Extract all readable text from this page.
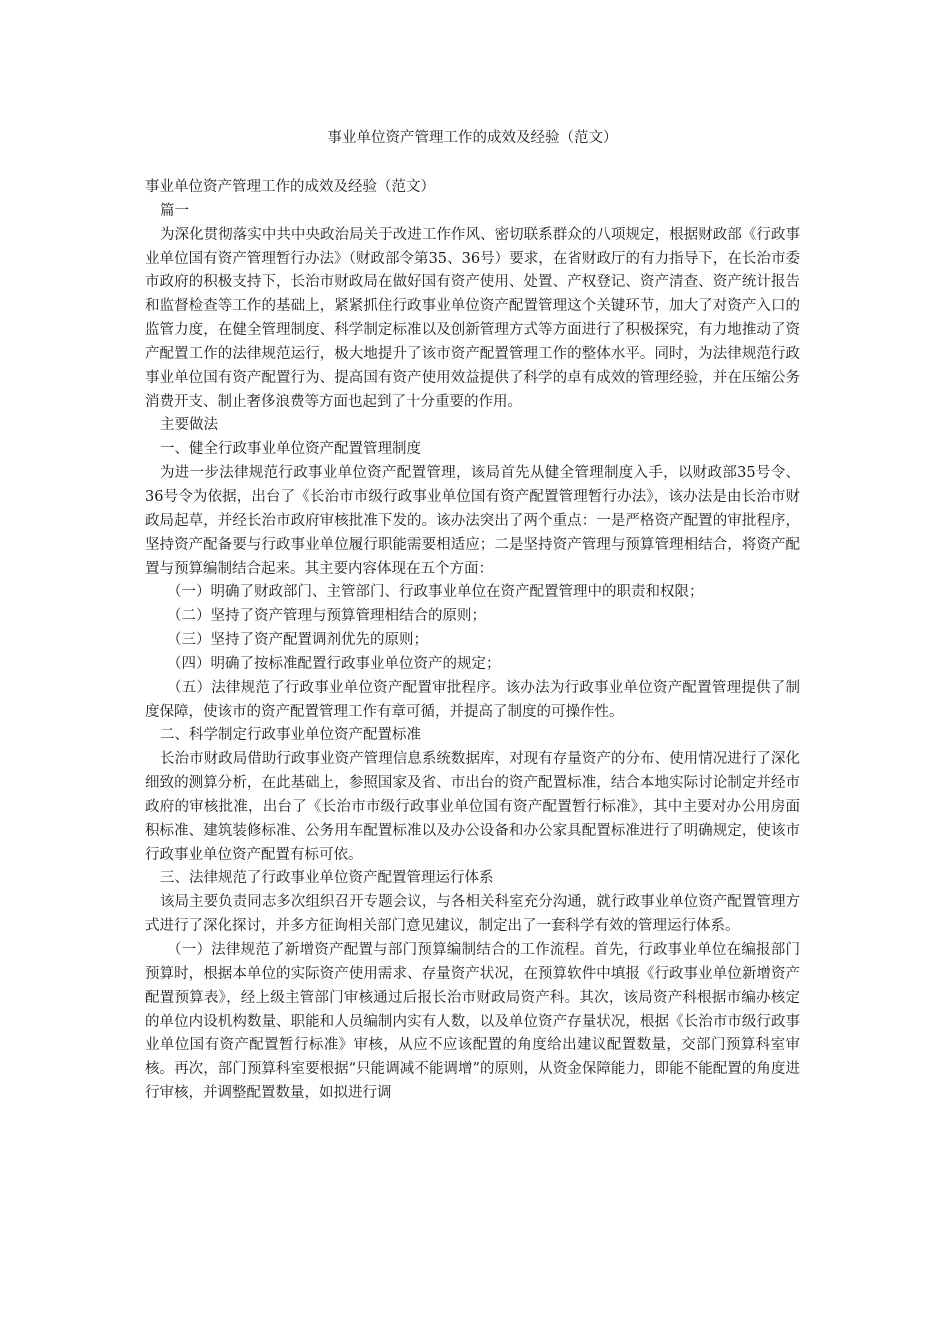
事业单位资产管理工作的成效及经验（范文）

事业单位资产管理工作的成效及经验（范文）

篇一

为深化贯彻落实中共中央政治局关于改进工作作风、密切联系群众的八项规定，根据财政部《行政事业单位国有资产管理暂行办法》（财政部令第35、36号）要求，在省财政厅的有力指导下，在长治市委市政府的积极支持下，长治市财政局在做好国有资产使用、处置、产权登记、资产清查、资产统计报告和监督检查等工作的基础上，紧紧抓住行政事业单位资产配置管理这个关键环节，加大了对资产入口的监管力度，在健全管理制度、科学制定标准以及创新管理方式等方面进行了积极探究，有力地推动了资产配置工作的法律规范运行，极大地提升了该市资产配置管理工作的整体水平。同时，为法律规范行政事业单位国有资产配置行为、提高国有资产使用效益提供了科学的卓有成效的管理经验，并在压缩公务消费开支、制止奢侈浪费等方面也起到了十分重要的作用。

主要做法

一、健全行政事业单位资产配置管理制度

为进一步法律规范行政事业单位资产配置管理，该局首先从健全管理制度入手，以财政部35号令、36号令为依据，出台了《长治市市级行政事业单位国有资产配置管理暂行办法》，该办法是由长治市财政局起草，并经长治市政府审核批准下发的。该办法突出了两个重点：一是严格资产配置的审批程序，坚持资产配备要与行政事业单位履行职能需要相适应；二是坚持资产管理与预算管理相结合，将资产配置与预算编制结合起来。其主要内容体现在五个方面：

（一）明确了财政部门、主管部门、行政事业单位在资产配置管理中的职责和权限；

（二）坚持了资产管理与预算管理相结合的原则；

（三）坚持了资产配置调剂优先的原则；

（四）明确了按标准配置行政事业单位资产的规定；

（五）法律规范了行政事业单位资产配置审批程序。该办法为行政事业单位资产配置管理提供了制度保障，使该市的资产配置管理工作有章可循，并提高了制度的可操作性。

二、科学制定行政事业单位资产配置标准

长治市财政局借助行政事业资产管理信息系统数据库，对现有存量资产的分布、使用情况进行了深化细致的测算分析，在此基础上，参照国家及省、市出台的资产配置标准，结合本地实际讨论制定并经市政府的审核批准，出台了《长治市市级行政事业单位国有资产配置暂行标准》，其中主要对办公用房面积标准、建筑装修标准、公务用车配置标准以及办公设备和办公家具配置标准进行了明确规定，使该市行政事业单位资产配置有标可依。

三、法律规范了行政事业单位资产配置管理运行体系

该局主要负责同志多次组织召开专题会议，与各相关科室充分沟通，就行政事业单位资产配置管理方式进行了深化探讨，并多方征询相关部门意见建议，制定出了一套科学有效的管理运行体系。

（一）法律规范了新增资产配置与部门预算编制结合的工作流程。首先，行政事业单位在编报部门预算时，根据本单位的实际资产使用需求、存量资产状况，在预算软件中填报《行政事业单位新增资产配置预算表》，经上级主管部门审核通过后报长治市财政局资产科。其次，该局资产科根据市编办核定的单位内设机构数量、职能和人员编制内实有人数，以及单位资产存量状况，根据《长治市市级行政事业单位国有资产配置暂行标准》审核，从应不应该配置的角度给出建议配置数量，交部门预算科室审核。再次，部门预算科室要根据“只能调减不能调增”的原则，从资金保障能力，即能不能配置的角度进行审核，并调整配置数量，如拟进行调
